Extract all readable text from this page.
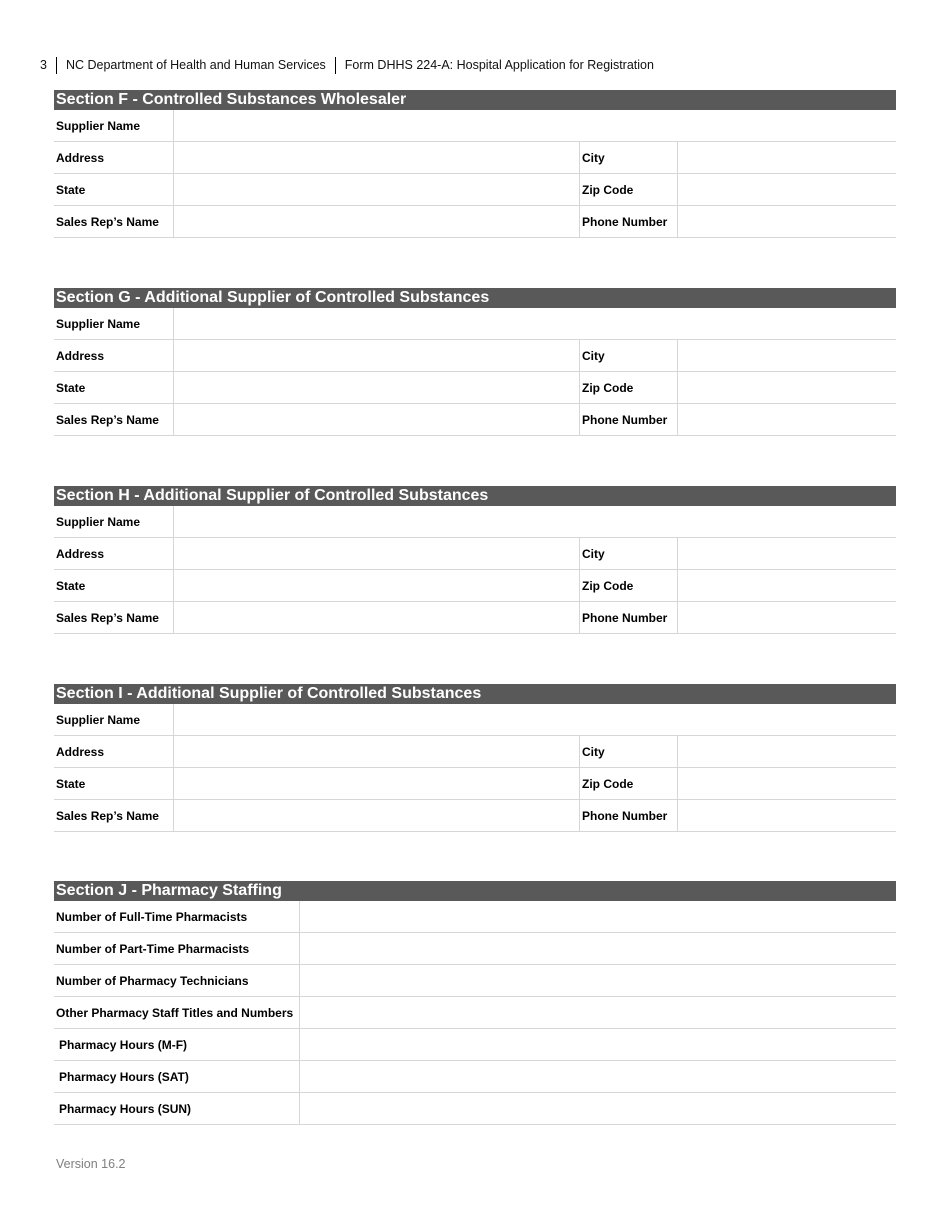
3 NC Department of Health and Human Services Form DHHS 224-A: Hospital Application for Registration
Section F - Controlled Substances Wholesaler
Supplier Name
Address	City
State	Zip Code
Sales Rep’s Name	Phone Number
Section G - Additional Supplier of Controlled Substances
Supplier Name
Address	City
State	Zip Code
Sales Rep’s Name	Phone Number
Section H - Additional Supplier of Controlled Substances
Supplier Name
Address	City
State	Zip Code
Sales Rep’s Name	Phone Number
Section I - Additional Supplier of Controlled Substances
Supplier Name
Address	City
State	Zip Code
Sales Rep’s Name	Phone Number
Section J - Pharmacy Staffing
Number of Full-Time Pharmacists
Number of Part-Time Pharmacists
Number of Pharmacy Technicians
Other Pharmacy Staff Titles and Numbers
Pharmacy Hours (M-F)
Pharmacy Hours (SAT)
Pharmacy Hours (SUN)
Version 16.2
